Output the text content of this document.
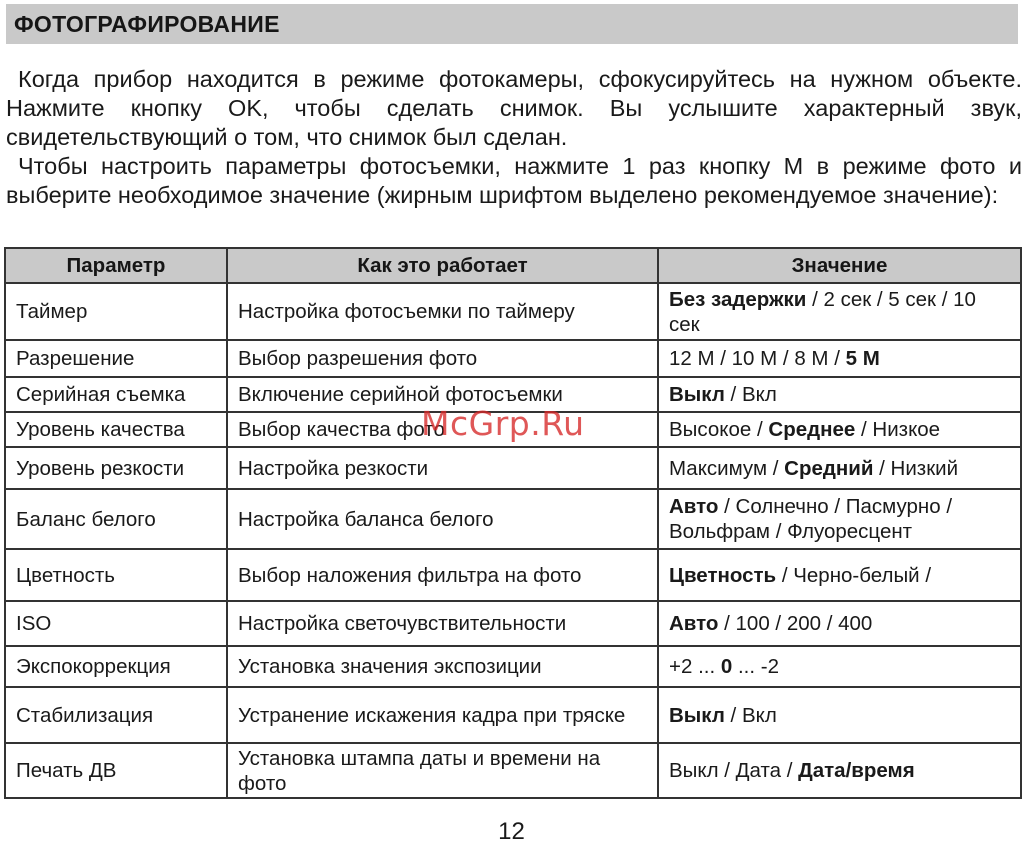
ФОТОГРАФИРОВАНИЕ

Когда прибор находится в режиме фотокамеры, сфокусируйтесь на нужном объекте. Нажмите кнопку OK, чтобы сделать снимок. Вы услышите характерный звук, свидетельствующий о том, что снимок был сделан.

Чтобы настроить параметры фотосъемки, нажмите 1 раз кнопку M в режиме фото и выберите необходимое значение (жирным шрифтом выделено рекомендуемое значение):

Параметр	Как это работает	Значение
Таймер	Настройка фотосъемки по таймеру	Без задержки / 2 сек / 5 сек / 10 сек
Разрешение	Выбор разрешения фото	12 M / 10 M / 8 M / 5 M
Серийная съемка	Включение серийной фотосъемки	Выкл / Вкл
Уровень качества	Выбор качества фото	Высокое / Среднее / Низкое
Уровень резкости	Настройка резкости	Максимум / Средний / Низкий
Баланс белого	Настройка баланса белого	Авто / Солнечно / Пасмурно / Вольфрам / Флуоресцент
Цветность	Выбор наложения фильтра на фото	Цветность / Черно-белый /
ISO	Настройка светочувствительности	Авто / 100 / 200 / 400
Экспокоррекция	Установка значения экспозиции	+2 ... 0 ... -2
Стабилизация	Устранение искажения кадра при тряске	Выкл / Вкл
Печать ДВ	Установка штампа даты и времени на фото	Выкл / Дата / Дата/время
McGrp.Ru
12
